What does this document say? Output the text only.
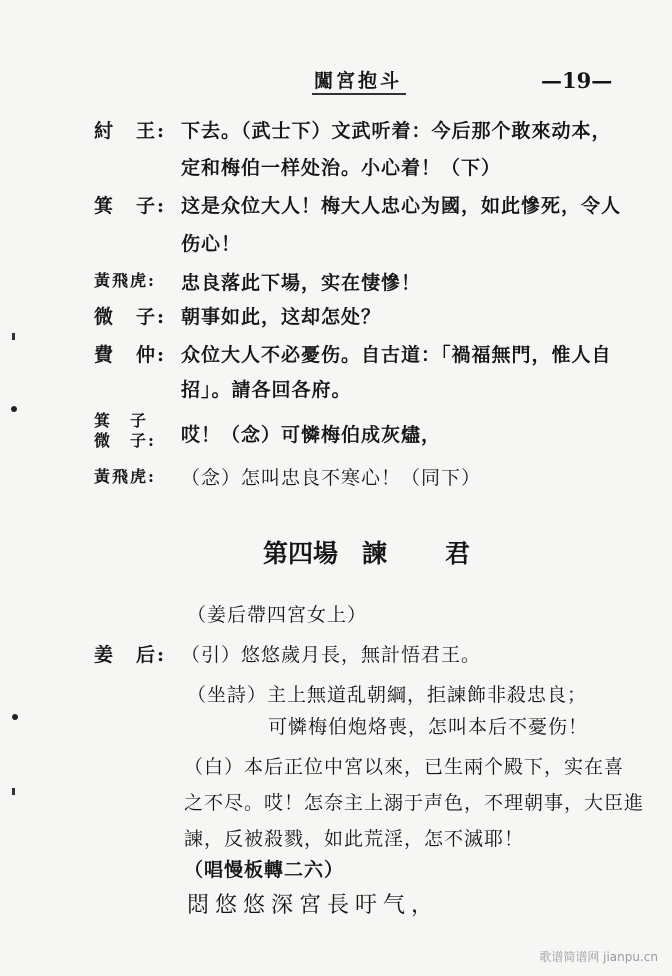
闖宮抱斗	—19—
紂　王: 下去。（武士下）文武听着：今后那个敢來动本，
定和梅伯一样处治。小心着！（下）
箕　子: 这是众位大人！梅大人忠心为國，如此慘死，令人
伤心！
黃飛虎: 忠良落此下場，实在悽慘！
微　子: 朝事如此，这却怎处？
費　仲: 众位大人不必憂伤。自古道：「禍福無門，惟人自
招」。請各回各府。
箕　子
微　子: 哎！（念）可憐梅伯成灰燼，
黃飛虎: （念）怎叫忠良不寒心！（同下）
第四場 諫 君
（姜后帶四宮女上）
姜　后: （引）悠悠歲月長，無計悟君王。
（坐詩）主上無道乱朝綱，拒諫飾非殺忠良；
可憐梅伯炮烙喪，怎叫本后不憂伤！
（白）本后正位中宮以來，已生兩个殿下，实在喜
之不尽。哎！怎奈主上溺于声色，不理朝事，大臣進
諫，反被殺戮，如此荒淫，怎不滅耶！
（唱慢板轉二六）
悶悠悠深宮長吁气，
歌谱简谱网 jianpu.cn
